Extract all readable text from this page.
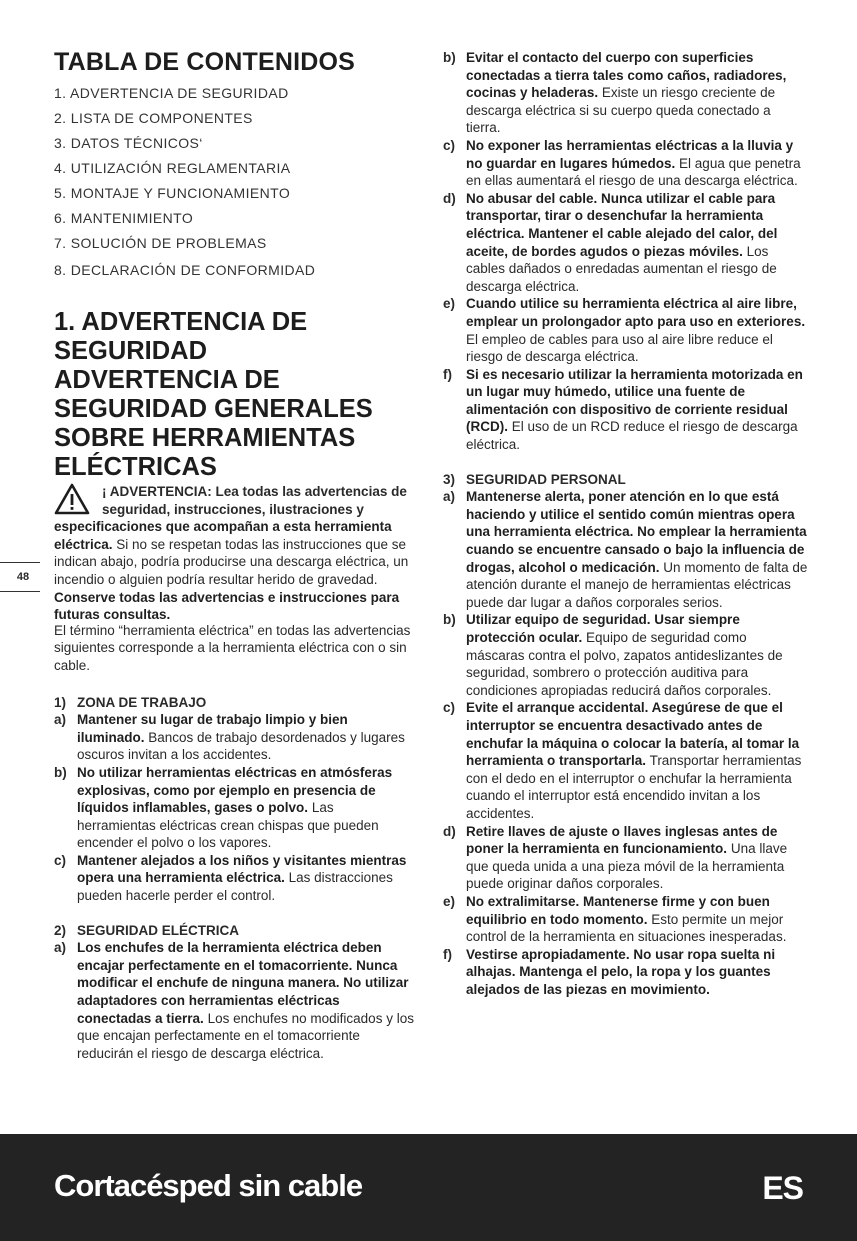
TABLA DE CONTENIDOS
1. ADVERTENCIA DE SEGURIDAD
2. LISTA DE COMPONENTES
3. DATOS TÉCNICOS‘
4. UTILIZACIÓN REGLAMENTARIA
5. MONTAJE Y FUNCIONAMIENTO
6. MANTENIMIENTO
7. SOLUCIÓN DE PROBLEMAS
8. DECLARACIÓN DE CONFORMIDAD
1. ADVERTENCIA DE SEGURIDAD
ADVERTENCIA DE SEGURIDAD GENERALES SOBRE HERRAMIENTAS ELÉCTRICAS
¡ ADVERTENCIA: Lea todas las advertencias de seguridad, instrucciones, ilustraciones y
especificaciones que acompañan a esta herramienta eléctrica. Si no se respetan todas las instrucciones que se indican abajo, podría producirse una descarga eléctrica, un incendio o alguien podría resultar herido de gravedad.
Conserve todas las advertencias e instrucciones para futuras consultas.
El término “herramienta eléctrica” en todas las advertencias siguientes corresponde a la herramienta eléctrica con o sin cable.
1) ZONA DE TRABAJO
a) Mantener su lugar de trabajo limpio y bien iluminado. Bancos de trabajo desordenados y lugares oscuros invitan a los accidentes.
b) No utilizar herramientas eléctricas en atmósferas explosivas, como por ejemplo en presencia de líquidos inflamables, gases o polvo. Las herramientas eléctricas crean chispas que pueden encender el polvo o los vapores.
c) Mantener alejados a los niños y visitantes mientras opera una herramienta eléctrica. Las distracciones pueden hacerle perder el control.
2) SEGURIDAD ELÉCTRICA
a) Los enchufes de la herramienta eléctrica deben encajar perfectamente en el tomacorriente. Nunca modificar el enchufe de ninguna manera. No utilizar adaptadores con herramientas eléctricas conectadas a tierra. Los enchufes no modificados y los que encajan perfectamente en el tomacorriente reducirán el riesgo de descarga eléctrica.
48
b) Evitar el contacto del cuerpo con superficies conectadas a tierra tales como caños, radiadores, cocinas y heladeras. Existe un riesgo creciente de descarga eléctrica si su cuerpo queda conectado a tierra.
c) No exponer las herramientas eléctricas a la lluvia y no guardar en lugares húmedos. El agua que penetra en ellas aumentará el riesgo de una descarga eléctrica.
d) No abusar del cable. Nunca utilizar el cable para transportar, tirar o desenchufar la herramienta eléctrica. Mantener el cable alejado del calor, del aceite, de bordes agudos o piezas móviles. Los cables dañados o enredadas aumentan el riesgo de descarga eléctrica.
e) Cuando utilice su herramienta eléctrica al aire libre, emplear un prolongador apto para uso en exteriores. El empleo de cables para uso al aire libre reduce el riesgo de descarga eléctrica.
f) Si es necesario utilizar la herramienta motorizada en un lugar muy húmedo, utilice una fuente de alimentación con dispositivo de corriente residual (RCD). El uso de un RCD reduce el riesgo de descarga eléctrica.
3) SEGURIDAD PERSONAL
a) Mantenerse alerta, poner atención en lo que está haciendo y utilice el sentido común mientras opera una herramienta eléctrica. No emplear la herramienta cuando se encuentre cansado o bajo la influencia de drogas, alcohol o medicación. Un momento de falta de atención durante el manejo de herramientas eléctricas puede dar lugar a daños corporales serios.
b) Utilizar equipo de seguridad. Usar siempre protección ocular. Equipo de seguridad como máscaras contra el polvo, zapatos antideslizantes de seguridad, sombrero o protección auditiva para condiciones apropiadas reducirá daños corporales.
c) Evite el arranque accidental. Asegúrese de que el interruptor se encuentra desactivado antes de enchufar la máquina o colocar la batería, al tomar la herramienta o transportarla. Transportar herramientas con el dedo en el interruptor o enchufar la herramienta cuando el interruptor está encendido invitan a los accidentes.
d) Retire llaves de ajuste o llaves inglesas antes de poner la herramienta en funcionamiento. Una llave que queda unida a una pieza móvil de la herramienta puede originar daños corporales.
e) No extralimitarse. Mantenerse firme y con buen equilibrio en todo momento. Esto permite un mejor control de la herramienta en situaciones inesperadas.
f) Vestirse apropiadamente. No usar ropa suelta ni alhajas. Mantenga el pelo, la ropa y los guantes alejados de las piezas en movimiento.
Cortacésped sin cable	ES
